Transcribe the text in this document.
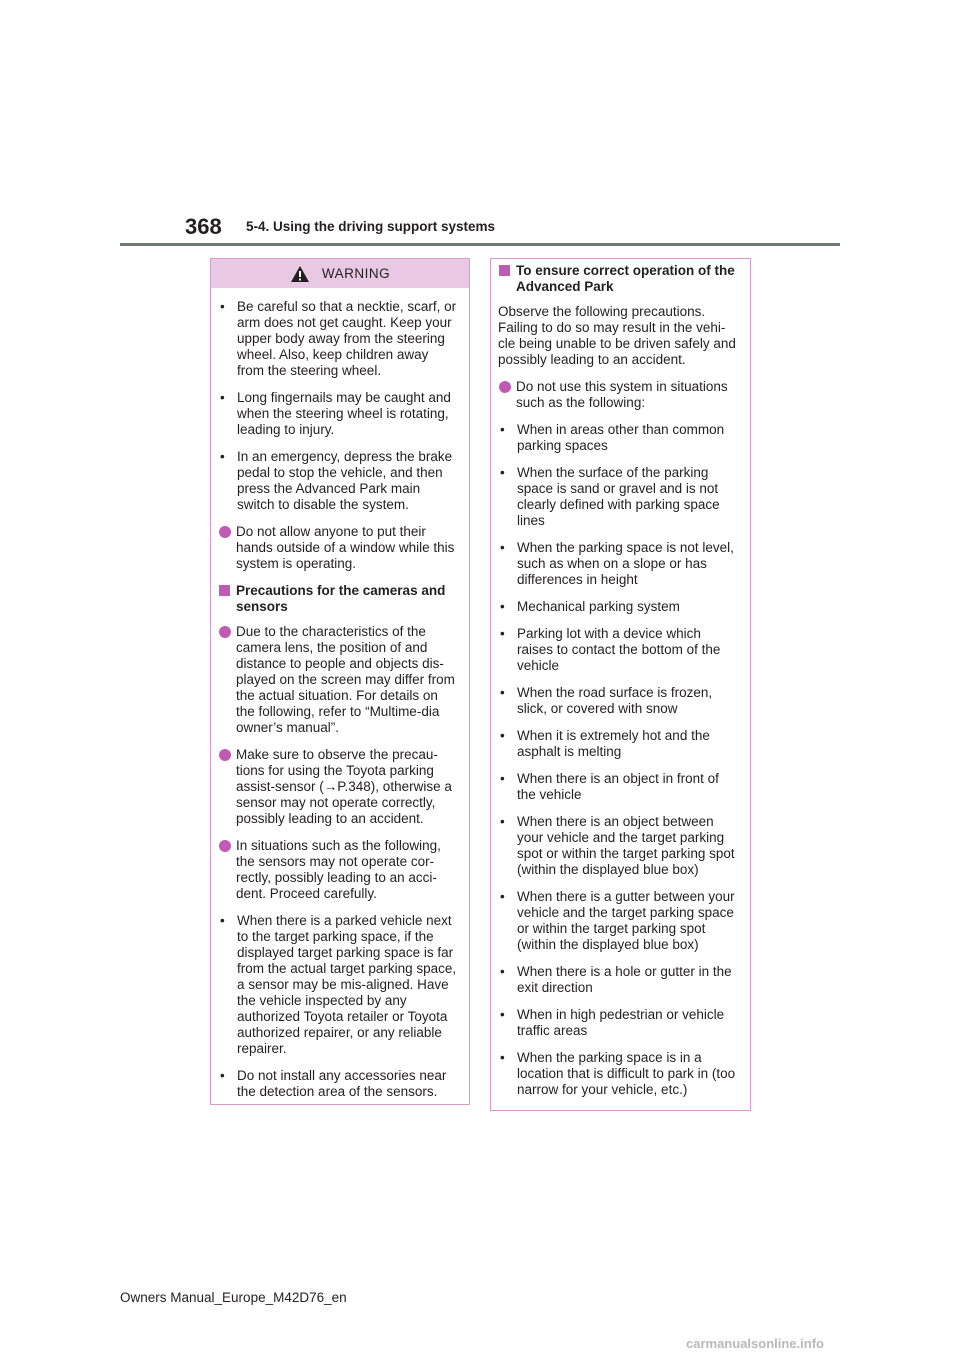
368 5-4. Using the driving support systems
WARNING
• Be careful so that a necktie, scarf, or arm does not get caught. Keep your upper body away from the steering wheel. Also, keep children away from the steering wheel.

• Long fingernails may be caught and when the steering wheel is rotating, leading to injury.

• In an emergency, depress the brake pedal to stop the vehicle, and then press the Advanced Park main switch to disable the system.

Do not allow anyone to put their hands outside of a window while this system is operating.

Precautions for the cameras and sensors

Due to the characteristics of the camera lens, the position of and distance to people and objects dis-played on the screen may differ from the actual situation. For details on the following, refer to “Multime-dia owner’s manual”.

Make sure to observe the precau-tions for using the Toyota parking assist-sensor (→P.348), otherwise a sensor may not operate correctly, possibly leading to an accident.

In situations such as the following, the sensors may not operate cor-rectly, possibly leading to an acci-dent. Proceed carefully.

• When there is a parked vehicle next to the target parking space, if the displayed target parking space is far from the actual target parking space, a sensor may be mis-aligned. Have the vehicle inspected by any authorized Toyota retailer or Toyota authorized repairer, or any reliable repairer.

• Do not install any accessories near the detection area of the sensors.

To ensure correct operation of the Advanced Park

Observe the following precautions. Failing to do so may result in the vehi-cle being unable to be driven safely and possibly leading to an accident.

Do not use this system in situations such as the following:

• When in areas other than common parking spaces

• When the surface of the parking space is sand or gravel and is not clearly defined with parking space lines

• When the parking space is not level, such as when on a slope or has differences in height

• Mechanical parking system

• Parking lot with a device which raises to contact the bottom of the vehicle

• When the road surface is frozen, slick, or covered with snow

• When it is extremely hot and the asphalt is melting

• When there is an object in front of the vehicle

• When there is an object between your vehicle and the target parking spot or within the target parking spot (within the displayed blue box)

• When there is a gutter between your vehicle and the target parking space or within the target parking spot (within the displayed blue box)

• When there is a hole or gutter in the exit direction

• When in high pedestrian or vehicle traffic areas

• When the parking space is in a location that is difficult to park in (too narrow for your vehicle, etc.)

Owners Manual_Europe_M42D76_en
carmanualsonline.info
